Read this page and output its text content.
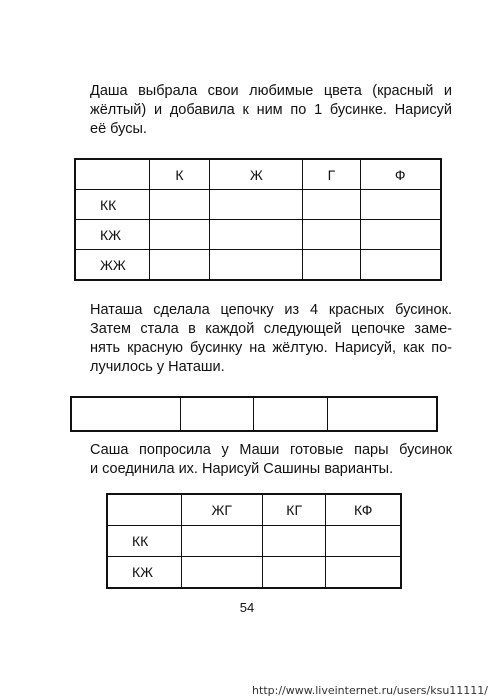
Даша выбрала свои любимые цвета (красный и
жёлтый) и добавила к ним по 1 бусинке. Нарисуй
её бусы.

	К	Ж	Г	Ф
КК				
КЖ				
ЖЖ				

Наташа сделала цепочку из 4 красных бусинок.
Затем стала в каждой следующей цепочке заме-
нять красную бусинку на жёлтую. Нарисуй, как по-
лучилось у Наташи.

Саша попросила у Маши готовые пары бусинок
и соединила их. Нарисуй Сашины варианты.

	ЖГ	КГ	КФ
КК			
КЖ			
54
http://www.liveinternet.ru/users/ksu11111/
